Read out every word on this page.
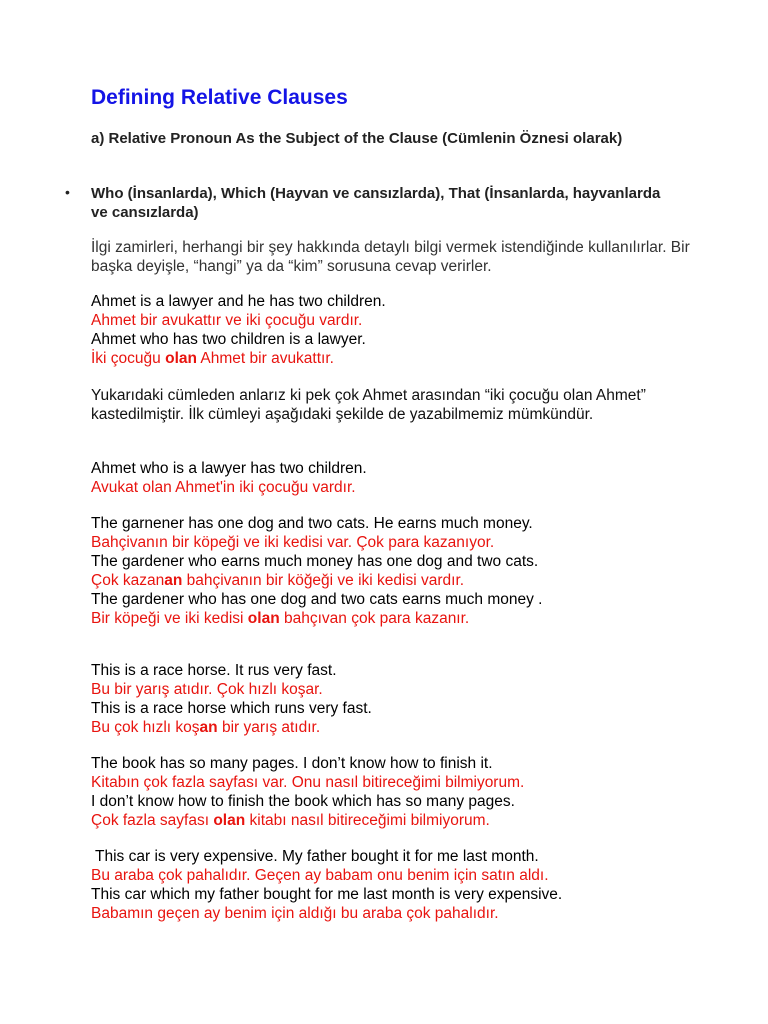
Defining Relative Clauses
a) Relative Pronoun As the Subject of the Clause (Cümlenin Öznesi olarak)
• Who (İnsanlarda), Which (Hayvan ve cansızlarda), That (İnsanlarda, hayvanlarda ve cansızlarda)
İlgi zamirleri, herhangi bir şey hakkında detaylı bilgi vermek istendiğinde kullanılırlar. Bir başka deyişle, “hangi” ya da “kim” sorusuna cevap verirler.
Ahmet is a lawyer and he has two children.
Ahmet bir avukattır ve iki çocuğu vardır.
Ahmet who has two children is a lawyer.
İki çocuğu olan Ahmet bir avukattır.
Yukarıdaki cümleden anlarız ki pek çok Ahmet arasından “iki çocuğu olan Ahmet” kastedilmiştir. İlk cümleyi aşağıdaki şekilde de yazabilmemiz mümkündür.
Ahmet who is a lawyer has two children.
Avukat olan Ahmet'in iki çocuğu vardır.
The garnener has one dog and two cats. He earns much money.
Bahçivanın bir köpeği ve iki kedisi var. Çok para kazanıyor.
The gardener who earns much money has one dog and two cats.
Çok kazanan bahçivanın bir köğeği ve iki kedisi vardır.
The gardener who has one dog and two cats earns much money .
Bir köpeği ve iki kedisi olan bahçıvan çok para kazanır.
This is a race horse. It rus very fast.
Bu bir yarış atıdır. Çok hızlı koşar.
This is a race horse which runs very fast.
Bu çok hızlı koşan bir yarış atıdır.
The book has so many pages. I don’t know how to finish it.
Kitabın çok fazla sayfası var. Onu nasıl bitireceğimi bilmiyorum.
I don’t know how to finish the book which has so many pages.
Çok fazla sayfası olan kitabı nasıl bitireceğimi bilmiyorum.
This car is very expensive. My father bought it for me last month.
Bu araba çok pahalıdır. Geçen ay babam onu benim için satın aldı.
This car which my father bought for me last month is very expensive.
Babamın geçen ay benim için aldığı bu araba çok pahalıdır.
